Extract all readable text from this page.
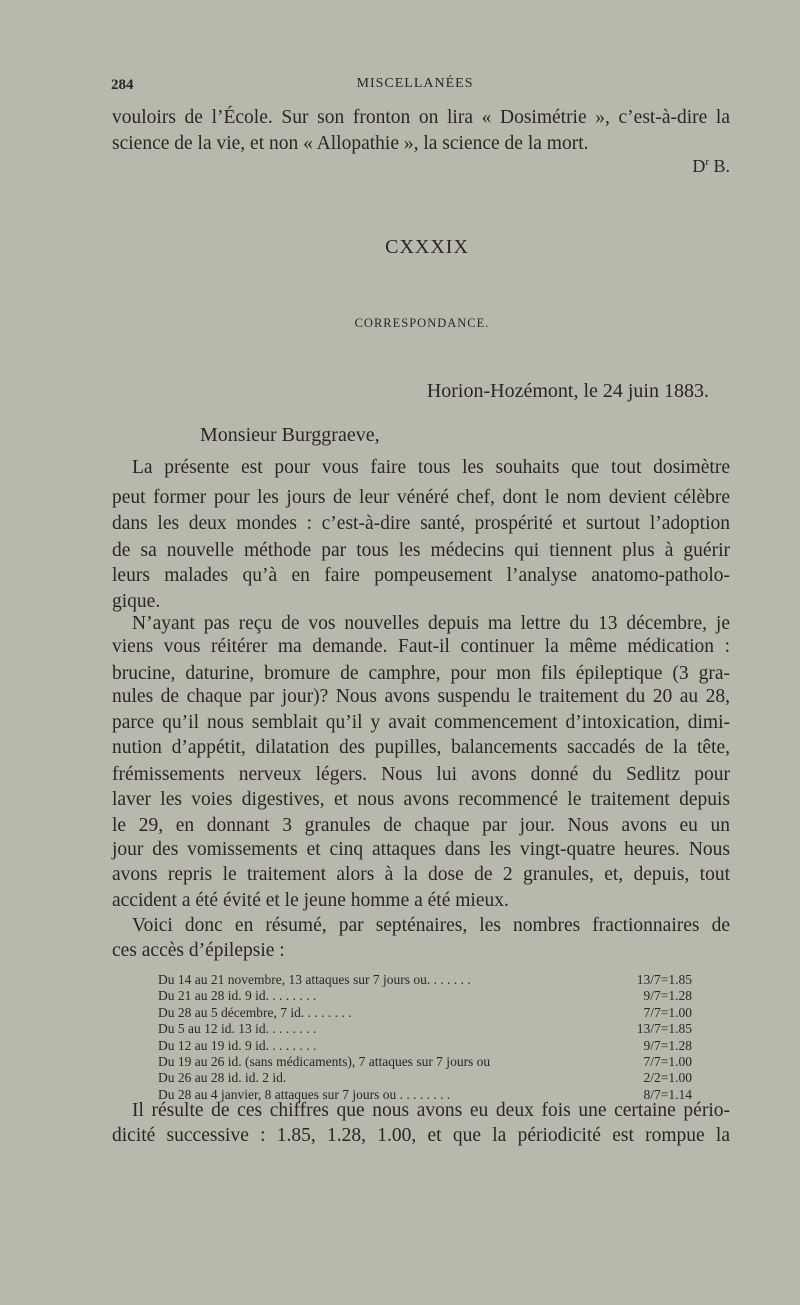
284	MISCELLANÉES
vouloirs de l’École. Sur son fronton on lira « Dosimétrie », c’est-à-dire la
science de la vie, et non « Allopathie », la science de la mort.
$D^r$ B.
CXXXIX
CORRESPONDANCE.
Horion-Hozémont, le 24 juin 1883.
Monsieur Burggraeve,
La présente est pour vous faire tous les souhaits que tout dosimètre
peut former pour les jours de leur vénéré chef, dont le nom devient célèbre
dans les deux mondes : c’est-à-dire santé, prospérité et surtout l’adoption
de sa nouvelle méthode par tous les médecins qui tiennent plus à guérir
leurs malades qu’à en faire pompeusement l’analyse anatomo-patholo-
gique.
N’ayant pas reçu de vos nouvelles depuis ma lettre du 13 décembre, je
viens vous réitérer ma demande. Faut-il continuer la même médication :
brucine, daturine, bromure de camphre, pour mon fils épileptique (3 gra-
nules de chaque par jour)? Nous avons suspendu le traitement du 20 au 28,
parce qu’il nous semblait qu’il y avait commencement d’intoxication, dimi-
nution d’appétit, dilatation des pupilles, balancements saccadés de la tête,
frémissements nerveux légers. Nous lui avons donné du Sedlitz pour
laver les voies digestives, et nous avons recommencé le traitement depuis
le 29, en donnant 3 granules de chaque par jour. Nous avons eu un
jour des vomissements et cinq attaques dans les vingt-quatre heures. Nous
avons repris le traitement alors à la dose de 2 granules, et, depuis, tout
accident a été évité et le jeune homme a été mieux.
Voici donc en résumé, par septénaires, les nombres fractionnaires de
ces accès d’épilepsie :
Du 14 au 21 novembre, 13 attaques sur 7 jours ou. . . . . . .	13/7=1.85
Du 21 au 28 id. 9 id. . . . . . . .	9/7=1.28
Du 28 au 5 décembre, 7 id. . . . . . . .	7/7=1.00
Du 5 au 12 id. 13 id. . . . . . . .	13/7=1.85
Du 12 au 19 id. 9 id. . . . . . . .	9/7=1.28
Du 19 au 26 id. (sans médicaments), 7 attaques sur 7 jours ou	7/7=1.00
Du 26 au 28 id. id. 2 id.	2/2=1.00
Du 28 au 4 janvier, 8 attaques sur 7 jours ou . . . . . . . .	8/7=1.14
Il résulte de ces chiffres que nous avons eu deux fois une certaine pério-
dicité successive : 1.85, 1.28, 1.00, et que la périodicité est rompue la
